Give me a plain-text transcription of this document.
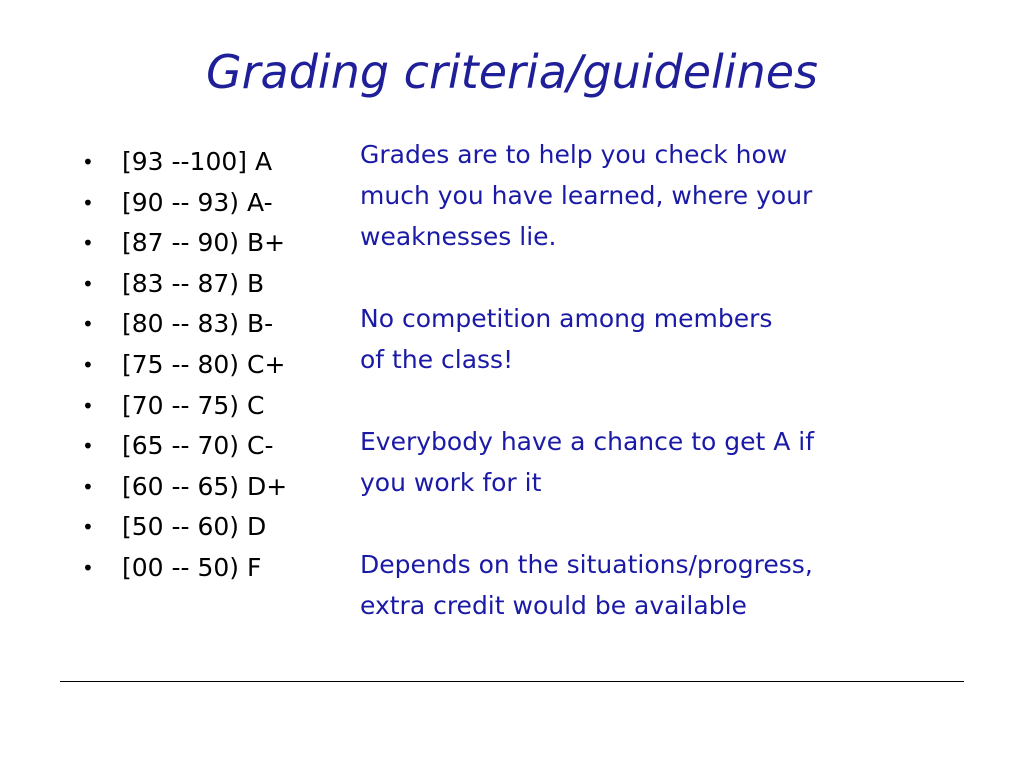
Grading criteria/guidelines
• [93 --100] A
• [90 -- 93) A-
• [87 -- 90) B+
• [83 -- 87) B
• [80 -- 83) B-
• [75 -- 80) C+
• [70 -- 75) C
• [65 -- 70) C-
• [60 -- 65) D+
• [50 -- 60) D
• [00 -- 50) F

Grades are to help you check how
much you have learned, where your
weaknesses lie.

No competition among members
of the class!

Everybody have a chance to get A if
you work for it

Depends on the situations/progress,
extra credit would be available
